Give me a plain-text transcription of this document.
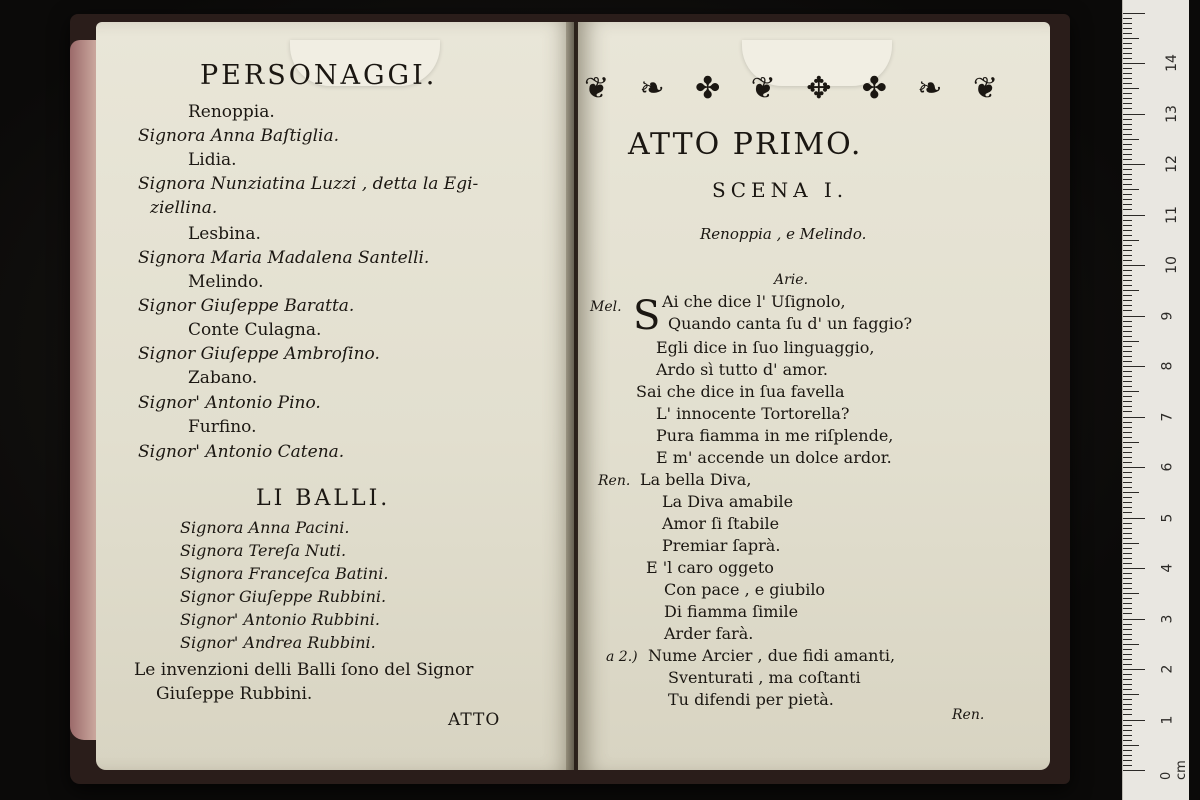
PERSONAGGI.
Renoppia.
Signora Anna Baſtiglia.
Lidia.
Signora Nunziatina Luzzi , detta la Egi-
ziellina.
Lesbina.
Signora Maria Madalena Santelli.
Melindo.
Signor Giuſeppe Baratta.
Conte Culagna.
Signor Giuſeppe Ambroſino.
Zabano.
Signor' Antonio Pino.
Furfino.
Signor' Antonio Catena.
LI BALLI.
Signora Anna Pacini.
Signora Tereſa Nuti.
Signora Franceſca Batini.
Signor Giuſeppe Rubbini.
Signor' Antonio Rubbini.
Signor' Andrea Rubbini.
Le invenzioni delli Balli ſono del Signor
Giuſeppe Rubbini.
ATTO
❦ ❧ ✤ ❦ ✥ ✤ ❧ ❦
ATTO PRIMO.
SCENA I.
Renoppia , e Melindo.
Arie.
Mel. S Ai che dice l' Uſignolo,
Quando canta ſu d' un faggio?
Egli dice in ſuo linguaggio,
Ardo sì tutto d' amor.
Sai che dice in ſua favella
L' innocente Tortorella?
Pura fiamma in me riſplende,
E m' accende un dolce ardor.
Ren. La bella Diva,
La Diva amabile
Amor ſi ſtabile
Premiar ſaprà.
E 'l caro oggeto
Con pace , e giubilo
Di fiamma ſimile
Arder farà.
a 2.) Nume Arcier , due fidi amanti,
Sventurati , ma coſtanti
Tu difendi per pietà.
Ren.
0 cm
1
2
3
4
5
6
7
8
9
10
11
12
13
14
